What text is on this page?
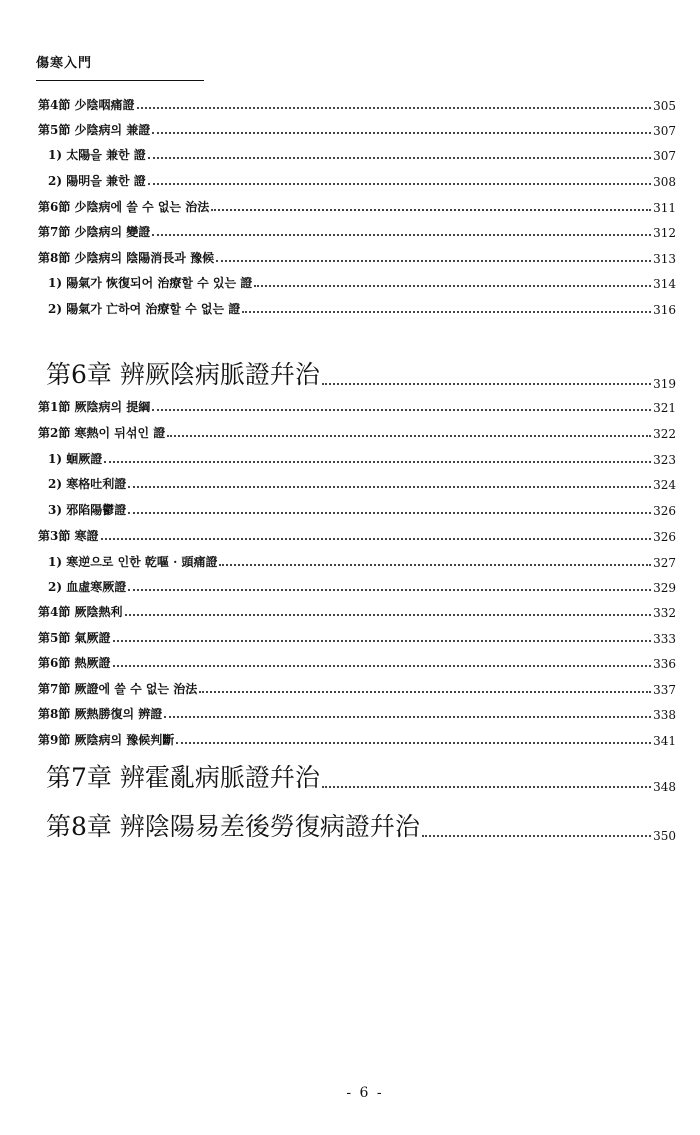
傷寒入門
第4節 少陰咽痛證	305
第5節 少陰病의 兼證	307
1) 太陽을 兼한 證	307
2) 陽明을 兼한 證	308
第6節 少陰病에 쓸 수 없는 治法	311
第7節 少陰病의 變證	312
第8節 少陰病의 陰陽消長과 豫候	313
1) 陽氣가 恢復되어 治療할 수 있는 證	314
2) 陽氣가 亡하여 治療할 수 없는 證	316
第6章 辨厥陰病脈證幷治	319
第1節 厥陰病의 提綱	321
第2節 寒熱이 뒤섞인 證	322
1) 蛔厥證	323
2) 寒格吐利證	324
3) 邪陷陽鬱證	326
第3節 寒證	326
1) 寒逆으로 인한 乾嘔 · 頭痛證	327
2) 血虛寒厥證	329
第4節 厥陰熱利	332
第5節 氣厥證	333
第6節 熱厥證	336
第7節 厥證에 쓸 수 없는 治法	337
第8節 厥熱勝復의 辨證	338
第9節 厥陰病의 豫候判斷	341
第7章 辨霍亂病脈證幷治	348
第8章 辨陰陽易差後勞復病證幷治	350
- 6 -
